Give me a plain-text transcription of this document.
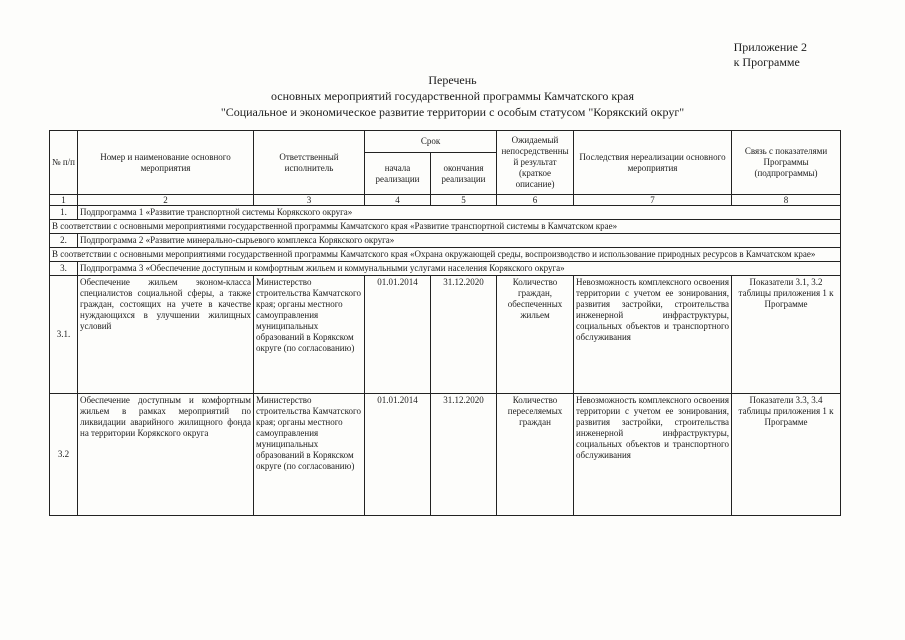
Приложение 2
к Программе
Перечень
основных мероприятий государственной программы Камчатского края
"Социальное и экономическое развитие территории с особым статусом "Корякский округ"
№ п/п	Номер и наименование основного мероприятия	Ответственный исполнитель	Срок		Ожидаемый непосредственны й результат (краткое описание)	Последствия нереализации основного мероприятия	Связь с показателями Программы (подпрограммы)
			начала реализации	окончания реализации			
1	2	3	4	5	6	7	8
1.	Подпрограмма 1 «Развитие транспортной системы Корякского округа»						
В соответствии с основными мероприятиями государственной программы Камчатского края «Развитие транспортной системы в Камчатском крае»							
2.	Подпрограмма 2 «Развитие минерально-сырьевого комплекса Корякского округа»						
В соответствии с основными мероприятиями государственной программы Камчатского края «Охрана окружающей среды, воспроизводство и использование природных ресурсов в Камчатском крае»							
3.	Подпрограмма 3 «Обеспечение доступным и комфортным жильем и коммунальными услугами населения Корякского округа»						
3.1.	Обеспечение жильем эконом-класса специалистов социальной сферы, а также граждан, состоящих на учете в качестве нуждающихся в улучшении жилищных условий	Министерство строительства Камчатского края; органы местного самоуправления муниципальных образований в Корякском округе (по согласованию)	01.01.2014	31.12.2020	Количество граждан, обеспеченных жильем	Невозможность комплексного освоения территории с учетом ее зонирования, развития застройки, строительства инженерной инфраструктуры, социальных объектов и транспортного обслуживания	Показатели 3.1, 3.2 таблицы приложения 1 к Программе
3.2	Обеспечение доступным и комфортным жильем в рамках мероприятий по ликвидации аварийного жилищного фонда на территории Корякского округа	Министерство строительства Камчатского края; органы местного самоуправления муниципальных образований в Корякском округе (по согласованию)	01.01.2014	31.12.2020	Количество переселяемых граждан	Невозможность комплексного освоения территории с учетом ее зонирования, развития застройки, строительства инженерной инфраструктуры, социальных объектов и транспортного обслуживания	Показатели 3.3, 3.4 таблицы приложения 1 к Программе
